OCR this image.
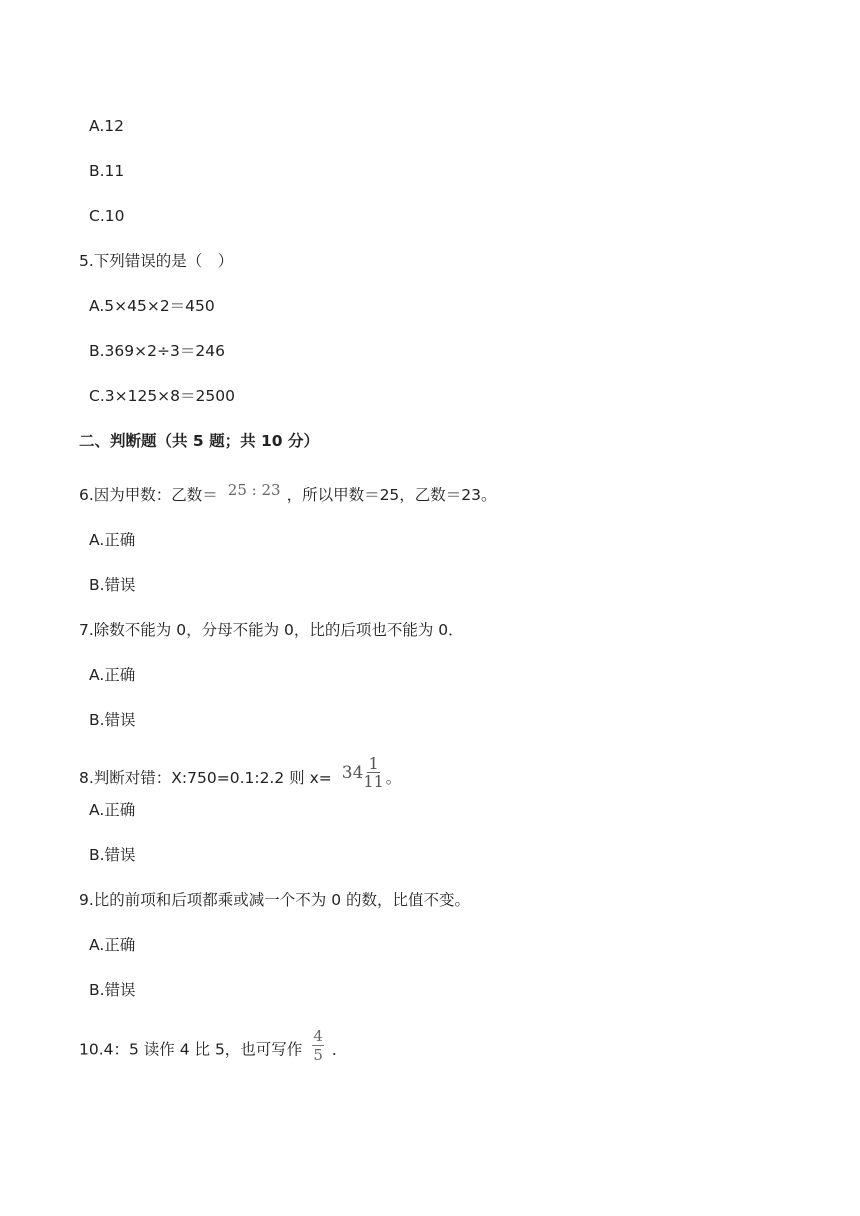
A.12
B.11
C.10
5.下列错误的是（　）
A.5×45×2＝450
B.369×2÷3＝246
C.3×125×8＝2500
二、判断题（共 5 题；共 10 分）
6.因为甲数：乙数＝ 25 : 23 ，所以甲数＝25，乙数＝23。
A.正确
B.错误
7.除数不能为 0，分母不能为 0，比的后项也不能为 0．
A.正确
B.错误
8.判断对错：X:750=0.1:2.2 则 $x= 34 \frac{1}{11}$ 。
A.正确
B.错误
9.比的前项和后项都乘或减一个不为 0 的数，比值不变。
A.正确
B.错误
10.4：5 读作 4 比 5，也可写作 $\frac{4}{5}$ ．
